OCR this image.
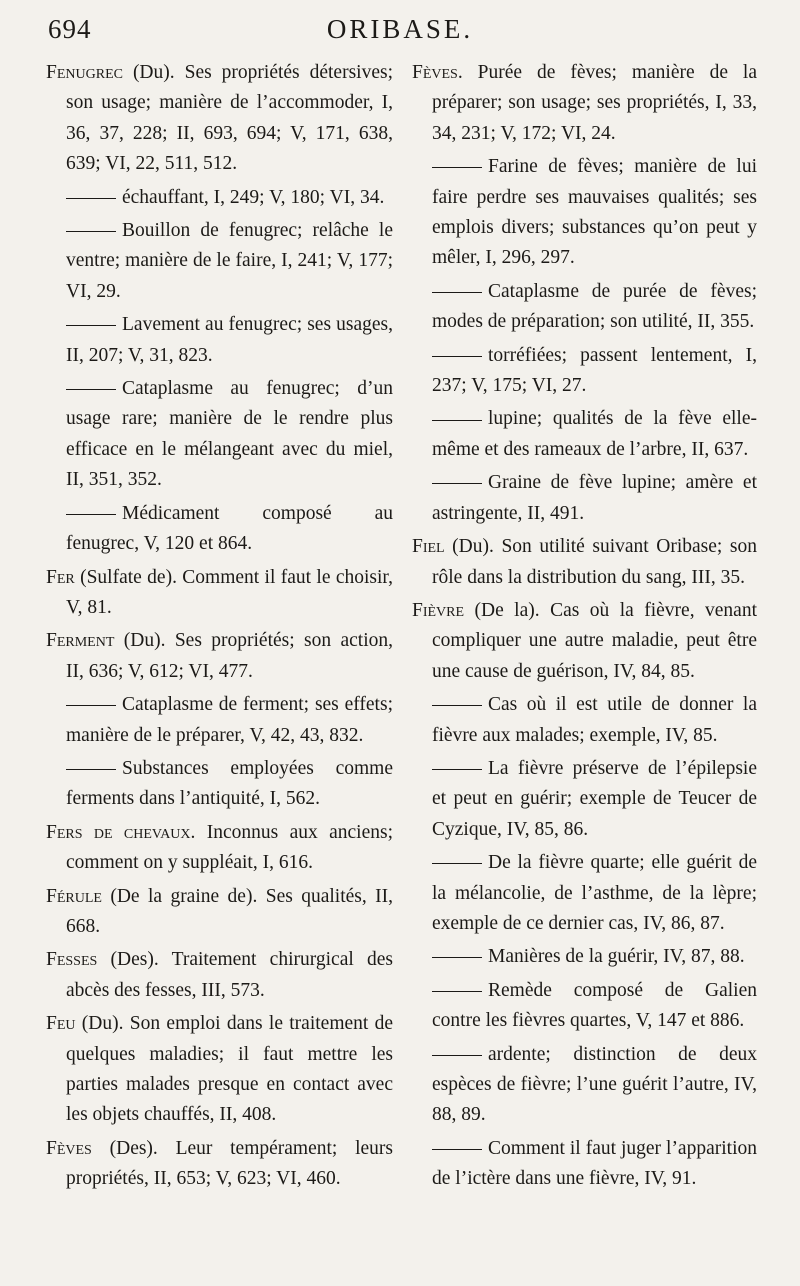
694	ORIBASE.

Fenugrec (Du). Ses propriétés détersives; son usage; manière de l’accommoder, I, 36, 37, 228; II, 693, 694; V, 171, 638, 639; VI, 22, 511, 512.

échauffant, I, 249; V, 180; VI, 34.

Bouillon de fenugrec; relâche le ventre; manière de le faire, I, 241; V, 177; VI, 29.

Lavement au fenugrec; ses usages, II, 207; V, 31, 823.

Cataplasme au fenugrec; d’un usage rare; manière de le rendre plus efficace en le mélangeant avec du miel, II, 351, 352.

Médicament composé au fenugrec, V, 120 et 864.

Fer (Sulfate de). Comment il faut le choisir, V, 81.

Ferment (Du). Ses propriétés; son action, II, 636; V, 612; VI, 477.

Cataplasme de ferment; ses effets; manière de le préparer, V, 42, 43, 832.

Substances employées comme ferments dans l’antiquité, I, 562.

Fers de chevaux. Inconnus aux anciens; comment on y suppléait, I, 616.

Férule (De la graine de). Ses qualités, II, 668.

Fesses (Des). Traitement chirurgical des abcès des fesses, III, 573.

Feu (Du). Son emploi dans le traitement de quelques maladies; il faut mettre les parties malades presque en contact avec les objets chauffés, II, 408.

Fèves (Des). Leur tempérament; leurs propriétés, II, 653; V, 623; VI, 460.

Fèves. Purée de fèves; manière de la préparer; son usage; ses propriétés, I, 33, 34, 231; V, 172; VI, 24.

Farine de fèves; manière de lui faire perdre ses mauvaises qualités; ses emplois divers; substances qu’on peut y mêler, I, 296, 297.

Cataplasme de purée de fèves; modes de préparation; son utilité, II, 355.

torréfiées; passent lentement, I, 237; V, 175; VI, 27.

lupine; qualités de la fève elle-même et des rameaux de l’arbre, II, 637.

Graine de fève lupine; amère et astringente, II, 491.

Fiel (Du). Son utilité suivant Oribase; son rôle dans la distribution du sang, III, 35.

Fièvre (De la). Cas où la fièvre, venant compliquer une autre maladie, peut être une cause de guérison, IV, 84, 85.

Cas où il est utile de donner la fièvre aux malades; exemple, IV, 85.

La fièvre préserve de l’épilepsie et peut en guérir; exemple de Teucer de Cyzique, IV, 85, 86.

De la fièvre quarte; elle guérit de la mélancolie, de l’asthme, de la lèpre; exemple de ce dernier cas, IV, 86, 87.

Manières de la guérir, IV, 87, 88.

Remède composé de Galien contre les fièvres quartes, V, 147 et 886.

ardente; distinction de deux espèces de fièvre; l’une guérit l’autre, IV, 88, 89.

Comment il faut juger l’apparition de l’ictère dans une fièvre, IV, 91.
